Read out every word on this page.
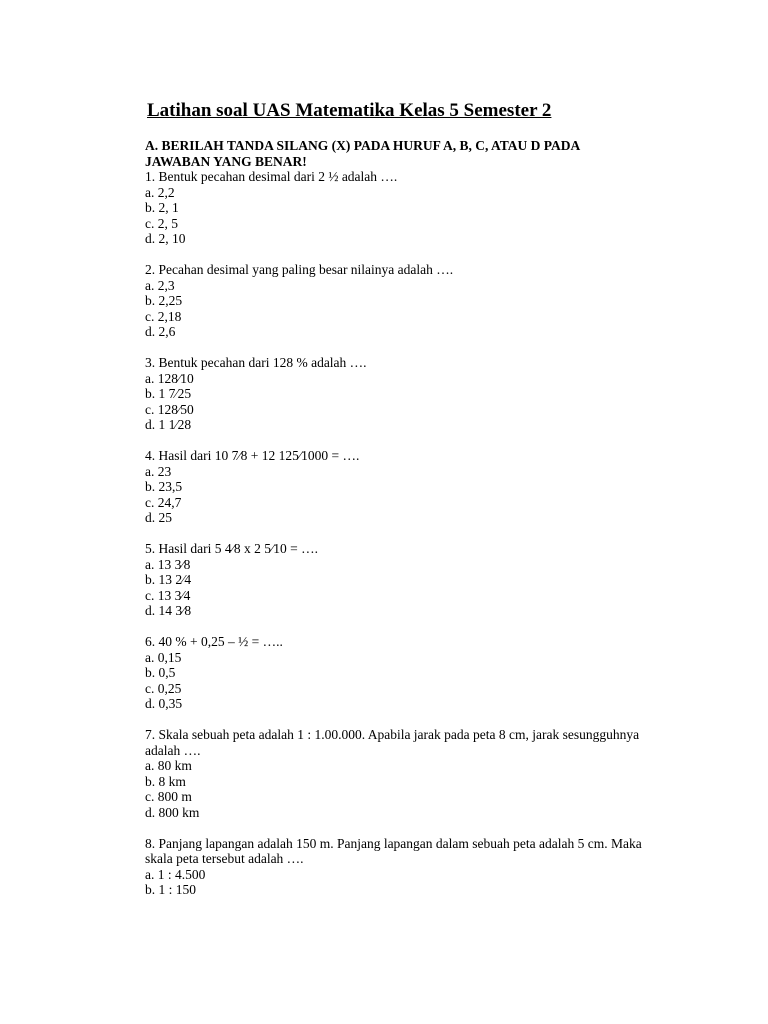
Latihan soal UAS Matematika Kelas 5 Semester 2
A. BERILAH TANDA SILANG (X) PADA HURUF A, B, C, ATAU D PADA JAWABAN YANG BENAR!
1. Bentuk pecahan desimal dari 2 ½ adalah ….
a. 2,2
b. 2, 1
c. 2, 5
d. 2, 10
2. Pecahan desimal yang paling besar nilainya adalah ….
a. 2,3
b. 2,25
c. 2,18
d. 2,6
3. Bentuk pecahan dari 128 % adalah ….
a. 128⁄10
b. 1 7⁄25
c. 128⁄50
d. 1 1⁄28
4. Hasil dari 10 7⁄8 + 12 125⁄1000 = ….
a. 23
b. 23,5
c. 24,7
d. 25
5. Hasil dari 5 4⁄8 x 2 5⁄10 = ….
a. 13 3⁄8
b. 13 2⁄4
c. 13 3⁄4
d. 14 3⁄8
6. 40 % + 0,25 – ½ = …..
a. 0,15
b. 0,5
c. 0,25
d. 0,35
7. Skala sebuah peta adalah 1 : 1.00.000. Apabila jarak pada peta 8 cm, jarak sesungguhnya adalah ….
a. 80 km
b. 8 km
c. 800 m
d. 800 km
8. Panjang lapangan adalah 150 m. Panjang lapangan dalam sebuah peta adalah 5 cm. Maka skala peta tersebut adalah ….
a. 1 : 4.500
b. 1 : 150
